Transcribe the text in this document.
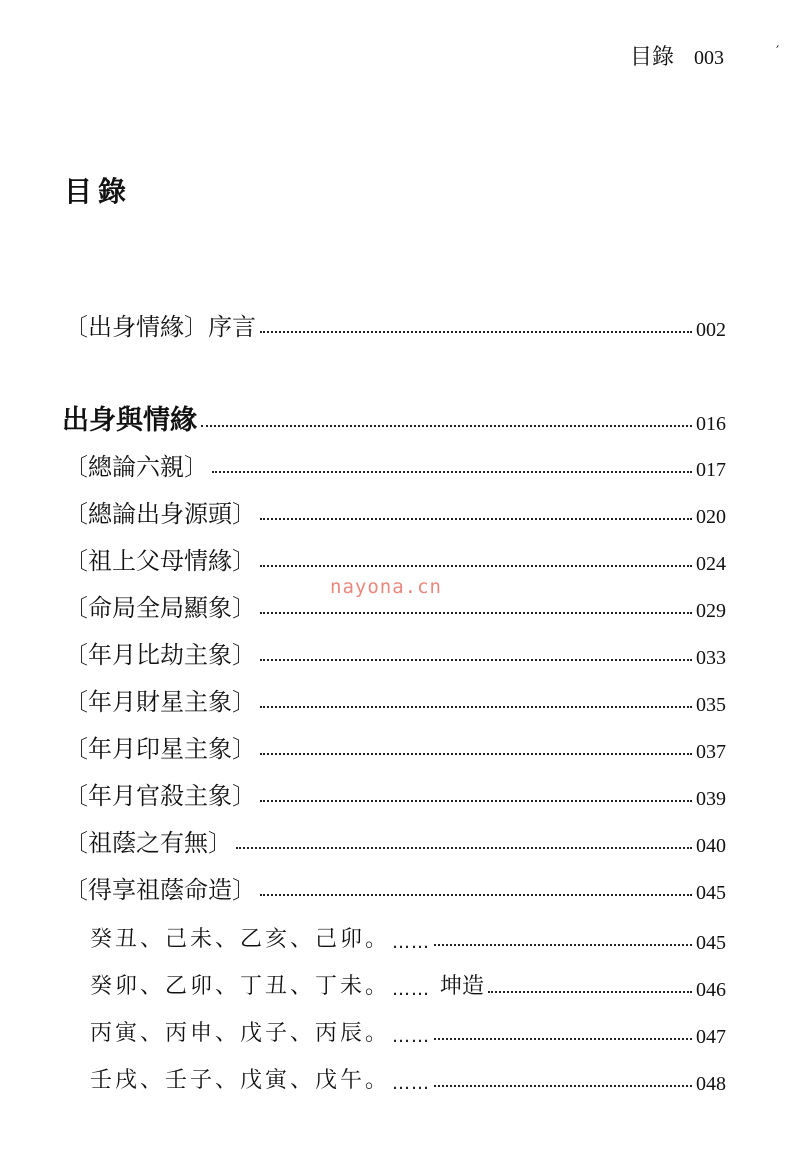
目錄 003	′
目錄
〔出身情緣〕序言	002
出身與情緣	016
〔總論六親〕	017
〔總論出身源頭〕	020
〔祖上父母情緣〕	024
〔命局全局顯象〕	029
〔年月比劫主象〕	033
〔年月財星主象〕	035
〔年月印星主象〕	037
〔年月官殺主象〕	039
〔祖蔭之有無〕	040
〔得享祖蔭命造〕	045
癸丑、己未、乙亥、己卯。 ……	045
癸卯、乙卯、丁丑、丁未。 …… 坤造	046
丙寅、丙申、戊子、丙辰。 ……	047
壬戌、壬子、戊寅、戊午。 ……	048
nayona.cn
